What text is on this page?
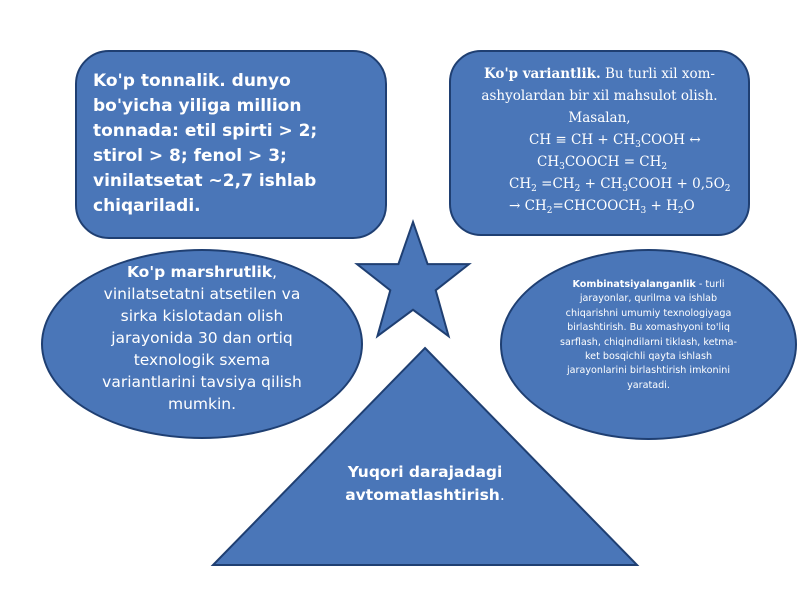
Ko'p tonnalik. dunyo bo'yicha yiliga million tonnada: etil spirti > 2; stirol > 8; fenol > 3; vinilatsetat ~2,7 ishlab chiqariladi.
Ko'p variantlik. Bu turli xil xom-ashyolardan bir xil mahsulot olish. Masalan,
CH ≡ CH + $CH_3COOH$ ↔
$CH_3COOCH = CH_2$
$CH_2 =CH_2$ + $CH_3COOH + 0,5O_2$
→ $CH_2=CHCOOCH_3 + H_2O$
Ko'p marshrutlik, vinilatsetatni atsetilen va sirka kislotadan olish jarayonida 30 dan ortiq texnologik sxema variantlarini tavsiya qilish mumkin.
Kombinatsiyalanganlik - turli jarayonlar, qurilma va ishlab chiqarishni umumiy texnologiyaga birlashtirish. Bu xomashyoni to'liq sarflash, chiqindilarni tiklash, ketma-ket bosqichli qayta ishlash jarayonlarini birlashtirish imkonini yaratadi.
Yuqori darajadagi avtomatlashtirish.
